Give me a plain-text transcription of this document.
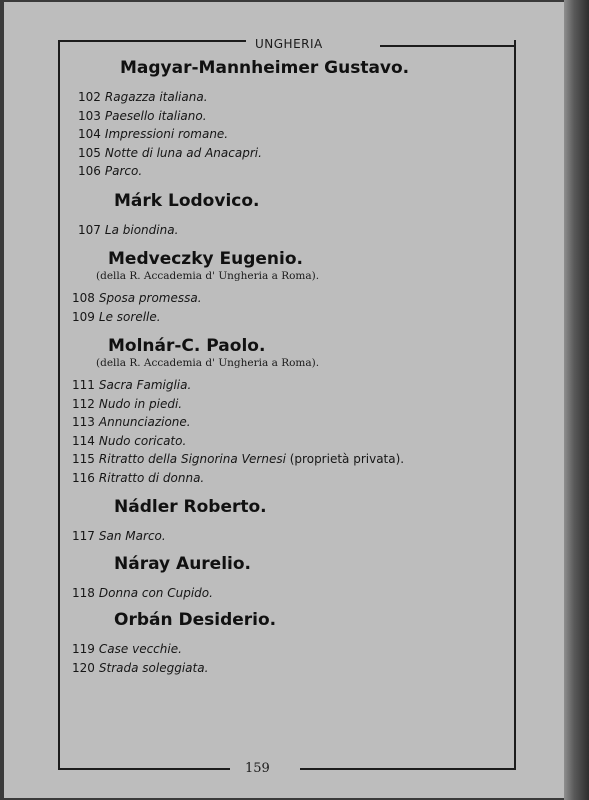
UNGHERIA
159
Magyar-Mannheimer Gustavo.
102 Ragazza italiana.
103 Paesello italiano.
104 Impressioni romane.
105 Notte di luna ad Anacapri.
106 Parco.
Márk Lodovico.
107 La biondina.
Medveczky Eugenio.
(della R. Accademia d' Ungheria a Roma).
108 Sposa promessa.
109 Le sorelle.
Molnár-C. Paolo.
(della R. Accademia d' Ungheria a Roma).
111 Sacra Famiglia.
112 Nudo in piedi.
113 Annunciazione.
114 Nudo coricato.
115 Ritratto della Signorina Vernesi (proprietà privata).
116 Ritratto di donna.
Nádler Roberto.
117 San Marco.
Náray Aurelio.
118 Donna con Cupido.
Orbán Desiderio.
119 Case vecchie.
120 Strada soleggiata.
